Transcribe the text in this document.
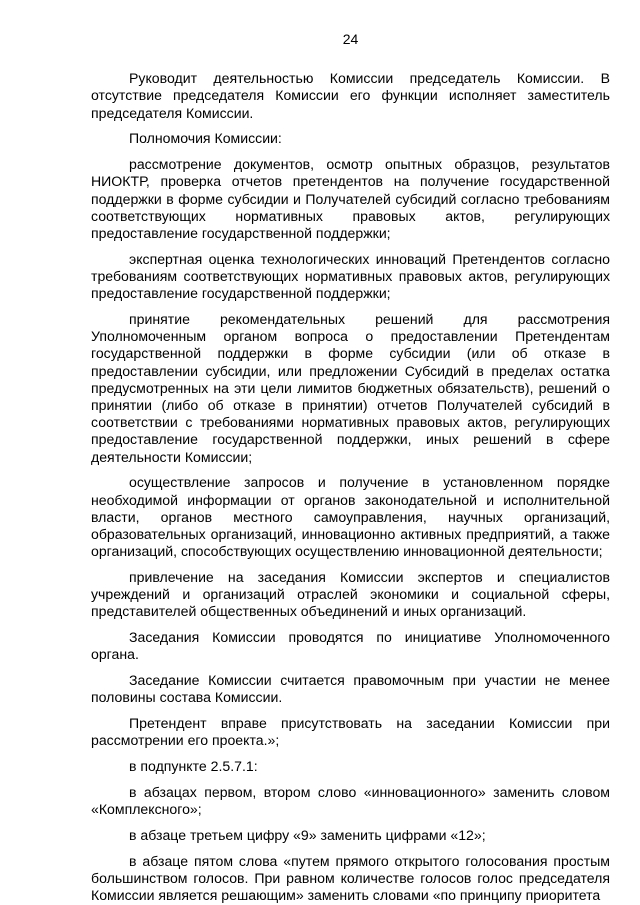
24

Руководит деятельностью Комиссии председатель Комиссии. В отсутствие председателя Комиссии его функции исполняет заместитель председателя Комиссии.

Полномочия Комиссии:

рассмотрение документов, осмотр опытных образцов, результатов НИОКТР, проверка отчетов претендентов на получение государственной поддержки в форме субсидии и Получателей субсидий согласно требованиям соответствующих нормативных правовых актов, регулирующих предоставление государственной поддержки;

экспертная оценка технологических инноваций Претендентов согласно требованиям соответствующих нормативных правовых актов, регулирующих предоставление государственной поддержки;

принятие рекомендательных решений для рассмотрения Уполномоченным органом вопроса о предоставлении Претендентам государственной поддержки в форме субсидии (или об отказе в предоставлении субсидии, или предложении Субсидий в пределах остатка предусмотренных на эти цели лимитов бюджетных обязательств), решений о принятии (либо об отказе в принятии) отчетов Получателей субсидий в соответствии с требованиями нормативных правовых актов, регулирующих предоставление государственной поддержки, иных решений в сфере деятельности Комиссии;

осуществление запросов и получение в установленном порядке необходимой информации от органов законодательной и исполнительной власти, органов местного самоуправления, научных организаций, образовательных организаций, инновационно активных предприятий, а также организаций, способствующих осуществлению инновационной деятельности;

привлечение на заседания Комиссии экспертов и специалистов учреждений и организаций отраслей экономики и социальной сферы, представителей общественных объединений и иных организаций.

Заседания Комиссии проводятся по инициативе Уполномоченного органа.

Заседание Комиссии считается правомочным при участии не менее половины состава Комиссии.

Претендент вправе присутствовать на заседании Комиссии при рассмотрении его проекта.»;

в подпункте 2.5.7.1:

в абзацах первом, втором слово «инновационного» заменить словом «Комплексного»;

в абзаце третьем цифру «9» заменить цифрами «12»;

в абзаце пятом слова «путем прямого открытого голосования простым большинством голосов. При равном количестве голосов голос председателя Комиссии является решающим» заменить словами «по принципу приоритета
